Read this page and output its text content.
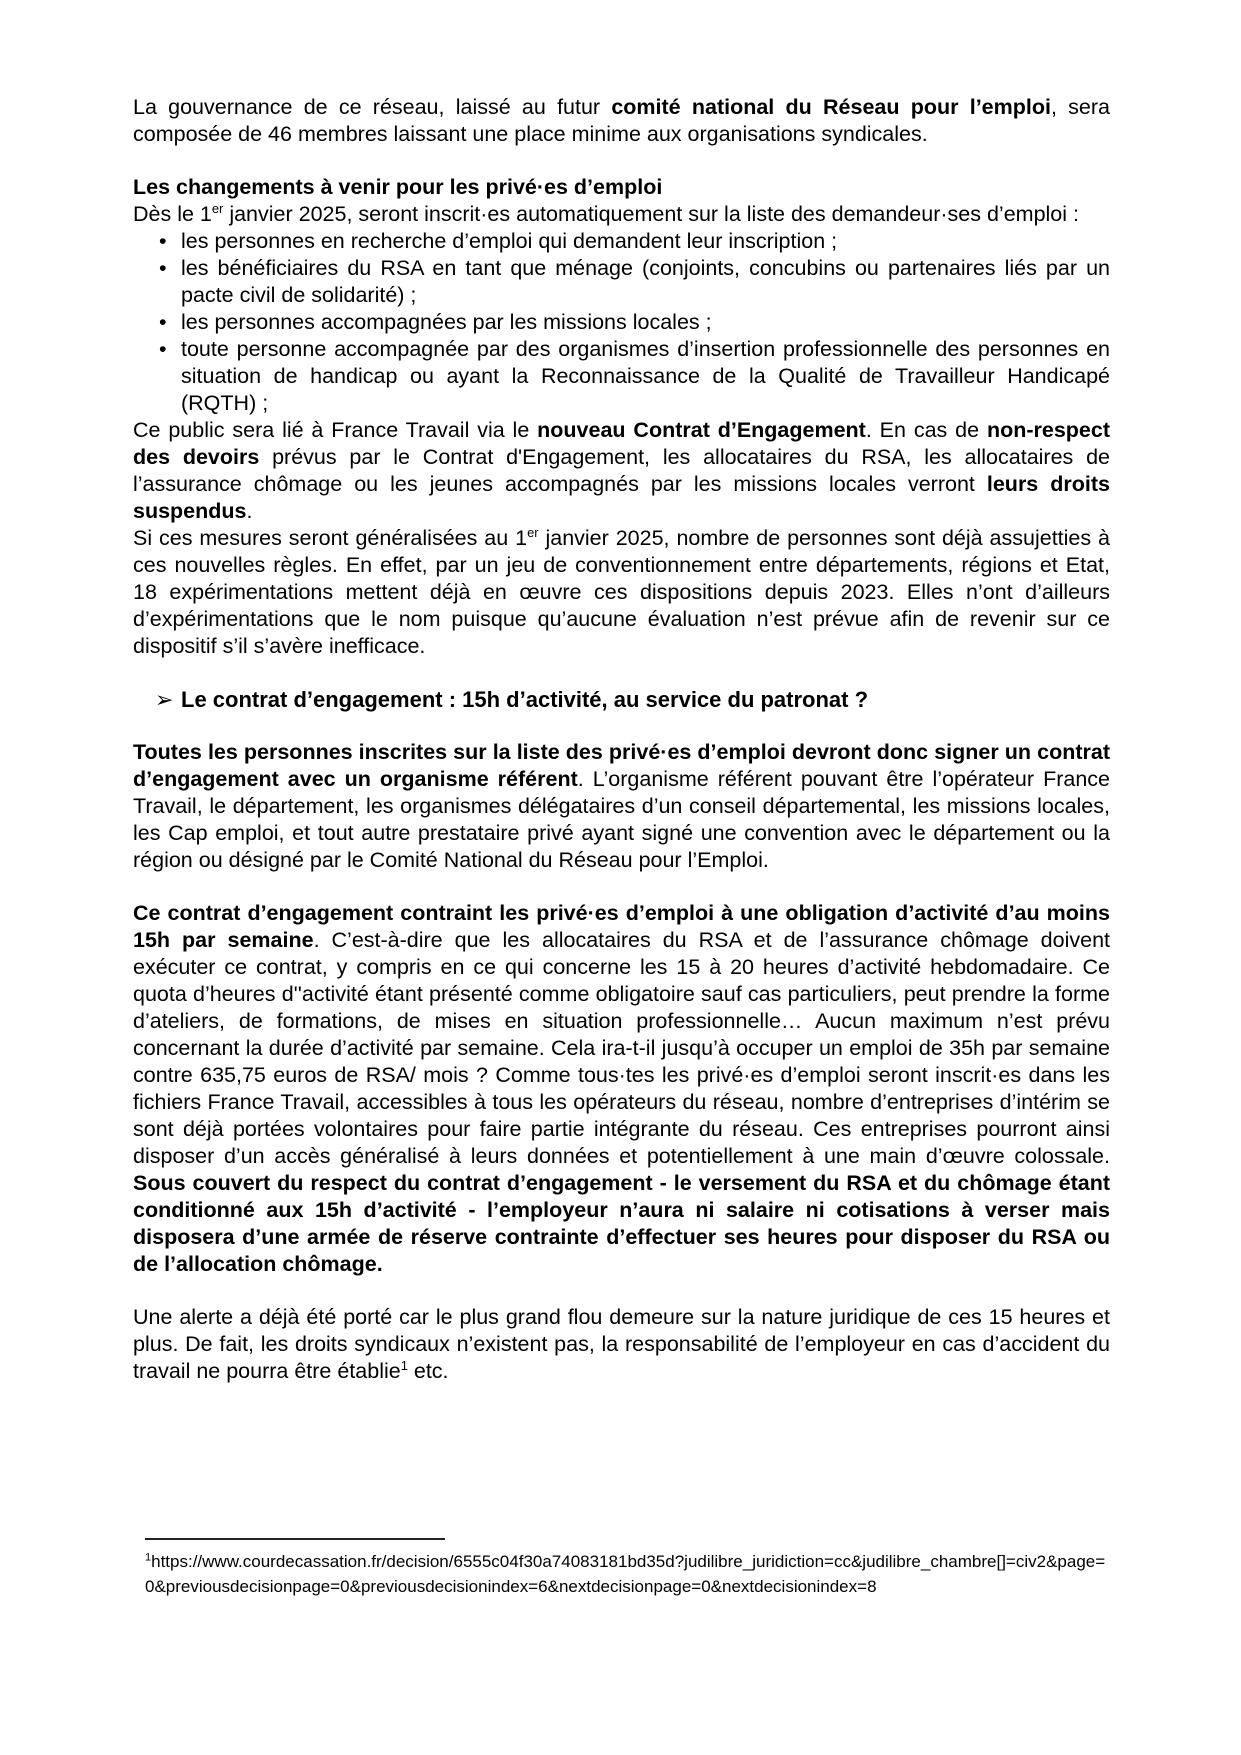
La gouvernance de ce réseau, laissé au futur comité national du Réseau pour l’emploi, sera composée de 46 membres laissant une place minime aux organisations syndicales.

Les changements à venir pour les privé·es d’emploi

Dès le 1er janvier 2025, seront inscrit·es automatiquement sur la liste des demandeur·ses d’emploi :

• les personnes en recherche d’emploi qui demandent leur inscription ;
• les bénéficiaires du RSA en tant que ménage (conjoints, concubins ou partenaires liés par un pacte civil de solidarité) ;
• les personnes accompagnées par les missions locales ;
• toute personne accompagnée par des organismes d’insertion professionnelle des personnes en situation de handicap ou ayant la Reconnaissance de la Qualité de Travailleur Handicapé (RQTH) ;

Ce public sera lié à France Travail via le nouveau Contrat d’Engagement. En cas de non-respect des devoirs prévus par le Contrat d'Engagement, les allocataires du RSA, les allocataires de l’assurance chômage ou les jeunes accompagnés par les missions locales verront leurs droits suspendus.

Si ces mesures seront généralisées au 1er janvier 2025, nombre de personnes sont déjà assujetties à ces nouvelles règles. En effet, par un jeu de conventionnement entre départements, régions et Etat, 18 expérimentations mettent déjà en œuvre ces dispositions depuis 2023. Elles n’ont d’ailleurs d’expérimentations que le nom puisque qu’aucune évaluation n’est prévue afin de revenir sur ce dispositif s’il s’avère inefficace.

➢ Le contrat d’engagement : 15h d’activité, au service du patronat ?

Toutes les personnes inscrites sur la liste des privé·es d’emploi devront donc signer un contrat d’engagement avec un organisme référent. L’organisme référent pouvant être l’opérateur France Travail, le département, les organismes délégataires d’un conseil départemental, les missions locales, les Cap emploi, et tout autre prestataire privé ayant signé une convention avec le département ou la région ou désigné par le Comité National du Réseau pour l’Emploi.

Ce contrat d’engagement contraint les privé·es d’emploi à une obligation d’activité d’au moins 15h par semaine. C’est-à-dire que les allocataires du RSA et de l’assurance chômage doivent exécuter ce contrat, y compris en ce qui concerne les 15 à 20 heures d’activité hebdomadaire. Ce quota d’heures d''activité étant présenté comme obligatoire sauf cas particuliers, peut prendre la forme d’ateliers, de formations, de mises en situation professionnelle… Aucun maximum n’est prévu concernant la durée d’activité par semaine. Cela ira-t-il jusqu’à occuper un emploi de 35h par semaine contre 635,75 euros de RSA/ mois ? Comme tous·tes les privé·es d’emploi seront inscrit·es dans les fichiers France Travail, accessibles à tous les opérateurs du réseau, nombre d’entreprises d’intérim se sont déjà portées volontaires pour faire partie intégrante du réseau. Ces entreprises pourront ainsi disposer d’un accès généralisé à leurs données et potentiellement à une main d’œuvre colossale. Sous couvert du respect du contrat d’engagement - le versement du RSA et du chômage étant conditionné aux 15h d’activité - l’employeur n’aura ni salaire ni cotisations à verser mais disposera d’une armée de réserve contrainte d’effectuer ses heures pour disposer du RSA ou de l’allocation chômage.

Une alerte a déjà été porté car le plus grand flou demeure sur la nature juridique de ces 15 heures et plus. De fait, les droits syndicaux n’existent pas, la responsabilité de l’employeur en cas d’accident du travail ne pourra être établie$^1$ etc.

$^1$https://www.courdecassation.fr/decision/6555c04f30a74083181bd35d?judilibre_juridiction=cc&judilibre_chambre[]=civ2&page=0&previousdecisionpage=0&previousdecisionindex=6&nextdecisionpage=0&nextdecisionindex=8
